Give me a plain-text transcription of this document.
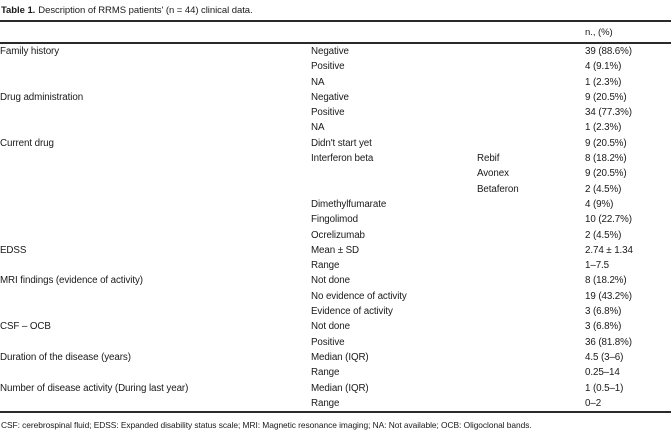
Table 1. Description of RRMS patients' (n = 44) clinical data.
			n., (%)
Family history	Negative		39 (88.6%)
	Positive		4 (9.1%)
	NA		1 (2.3%)
Drug administration	Negative		9 (20.5%)
	Positive		34 (77.3%)
	NA		1 (2.3%)
Current drug	Didn't start yet		9 (20.5%)
	Interferon beta	Rebif	8 (18.2%)
		Avonex	9 (20.5%)
		Betaferon	2 (4.5%)
	Dimethylfumarate		4 (9%)
	Fingolimod		10 (22.7%)
	Ocrelizumab		2 (4.5%)
EDSS	Mean ± SD		2.74 ± 1.34
	Range		1–7.5
MRI findings (evidence of activity)	Not done		8 (18.2%)
	No evidence of activity		19 (43.2%)
	Evidence of activity		3 (6.8%)
CSF – OCB	Not done		3 (6.8%)
	Positive		36 (81.8%)
Duration of the disease (years)	Median (IQR)		4.5 (3–6)
	Range		0.25–14
Number of disease activity (During last year)	Median (IQR)		1 (0.5–1)
	Range		0–2
CSF: cerebrospinal fluid; EDSS: Expanded disability status scale; MRI: Magnetic resonance imaging; NA: Not available; OCB: Oligoclonal bands.
